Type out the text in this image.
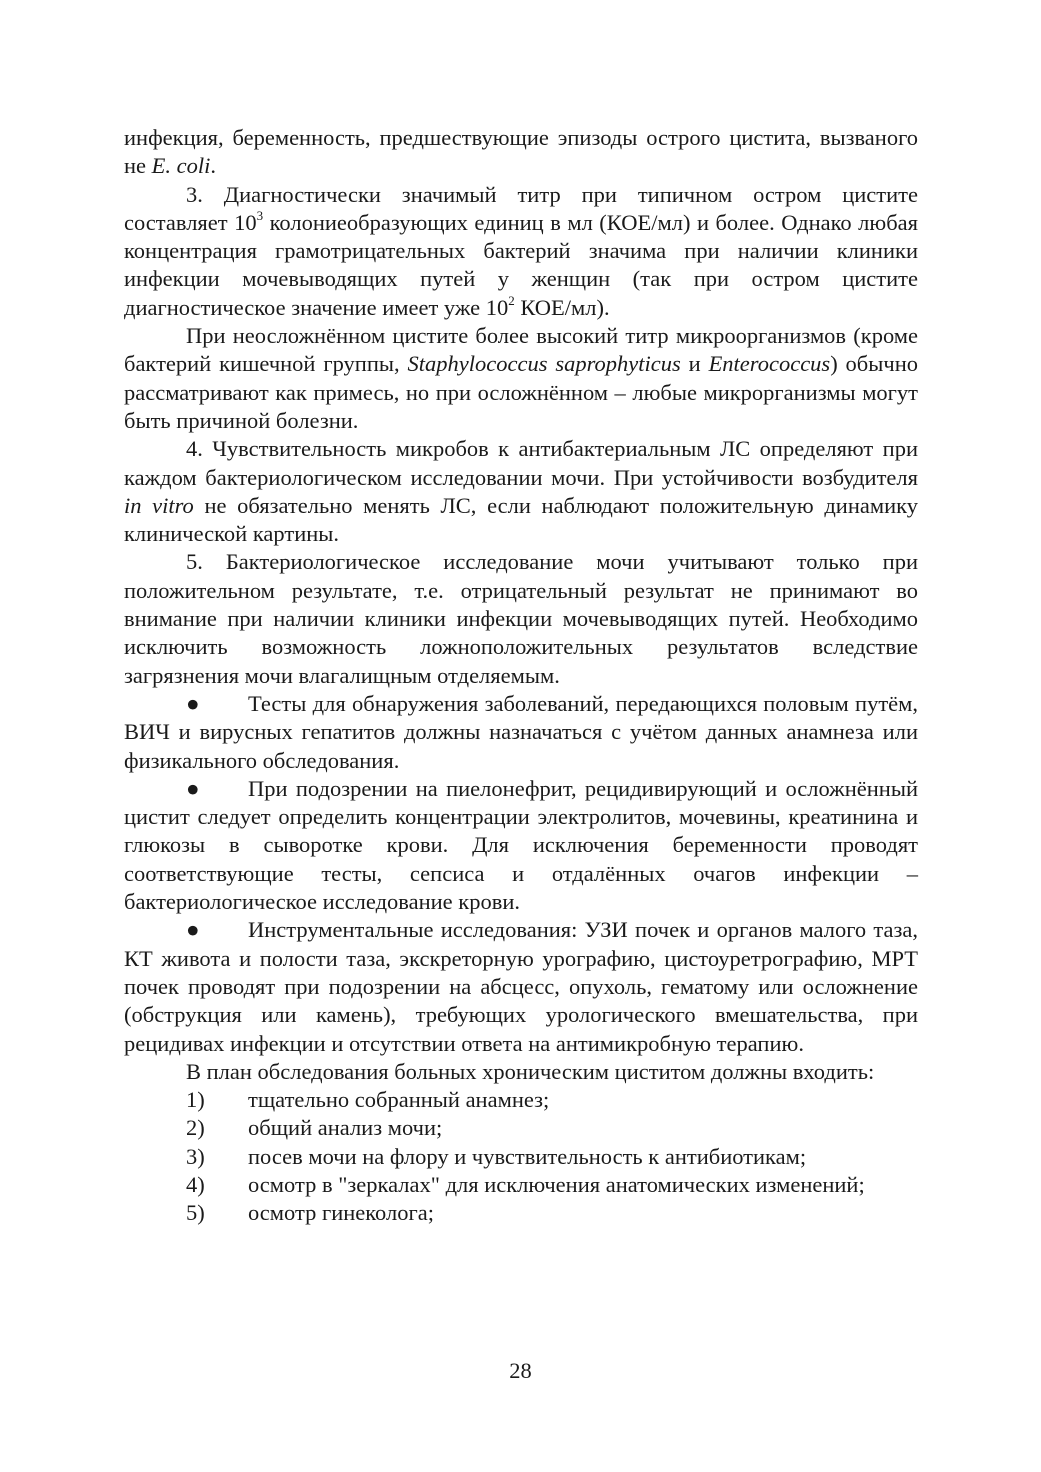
инфекция, беременность, предшествующие эпизоды острого цистита, вызваного не E. coli.

3. Диагностически значимый титр при типичном остром цистите составляет $10^3$ колониеобразующих единиц в мл (КОЕ/мл) и более. Однако любая концентрация грамотрицательных бактерий значима при наличии клиники инфекции мочевыводящих путей у женщин (так при остром цистите диагностическое значение имеет уже $10^2$ КОЕ/мл).

При неосложнённом цистите более высокий титр микроорганизмов (кроме бактерий кишечной группы, Staphylococcus saprophyticus и Enterococcus) обычно рассматривают как примесь, но при осложнённом – любые микрорганизмы могут быть причиной болезни.

4. Чувствительность микробов к антибактериальным ЛС определяют при каждом бактериологическом исследовании мочи. При устойчивости возбудителя in vitro не обязательно менять ЛС, если наблюдают положительную динамику клинической картины.

5. Бактериологическое исследование мочи учитывают только при положительном результате, т.е. отрицательный результат не принимают во внимание при наличии клиники инфекции мочевыводящих путей. Необходимо исключить возможность ложноположительных результатов вследствие загрязнения мочи влагалищным отделяемым.

● Тесты для обнаружения заболеваний, передающихся половым путём, ВИЧ и вирусных гепатитов должны назначаться с учётом данных анамнеза или физикального обследования.

● При подозрении на пиелонефрит, рецидивирующий и осложнённый цистит следует определить концентрации электролитов, мочевины, креатинина и глюкозы в сыворотке крови. Для исключения беременности проводят соответствующие тесты, сепсиса и отдалённых очагов инфекции – бактериологическое исследование крови.

● Инструментальные исследования: УЗИ почек и органов малого таза, КТ живота и полости таза, экскреторную урографию, цистоуретрографию, МРТ почек проводят при подозрении на абсцесс, опухоль, гематому или осложнение (обструкция или камень), требующих урологического вмешательства, при рецидивах инфекции и отсутствии ответа на антимикробную терапию.

В план обследования больных хроническим циститом должны входить:

1) тщательно собранный анамнез;

2) общий анализ мочи;

3) посев мочи на флору и чувствительность к антибиотикам;

4) осмотр в "зеркалах" для исключения анатомических изменений;

5) осмотр гинеколога;

28
